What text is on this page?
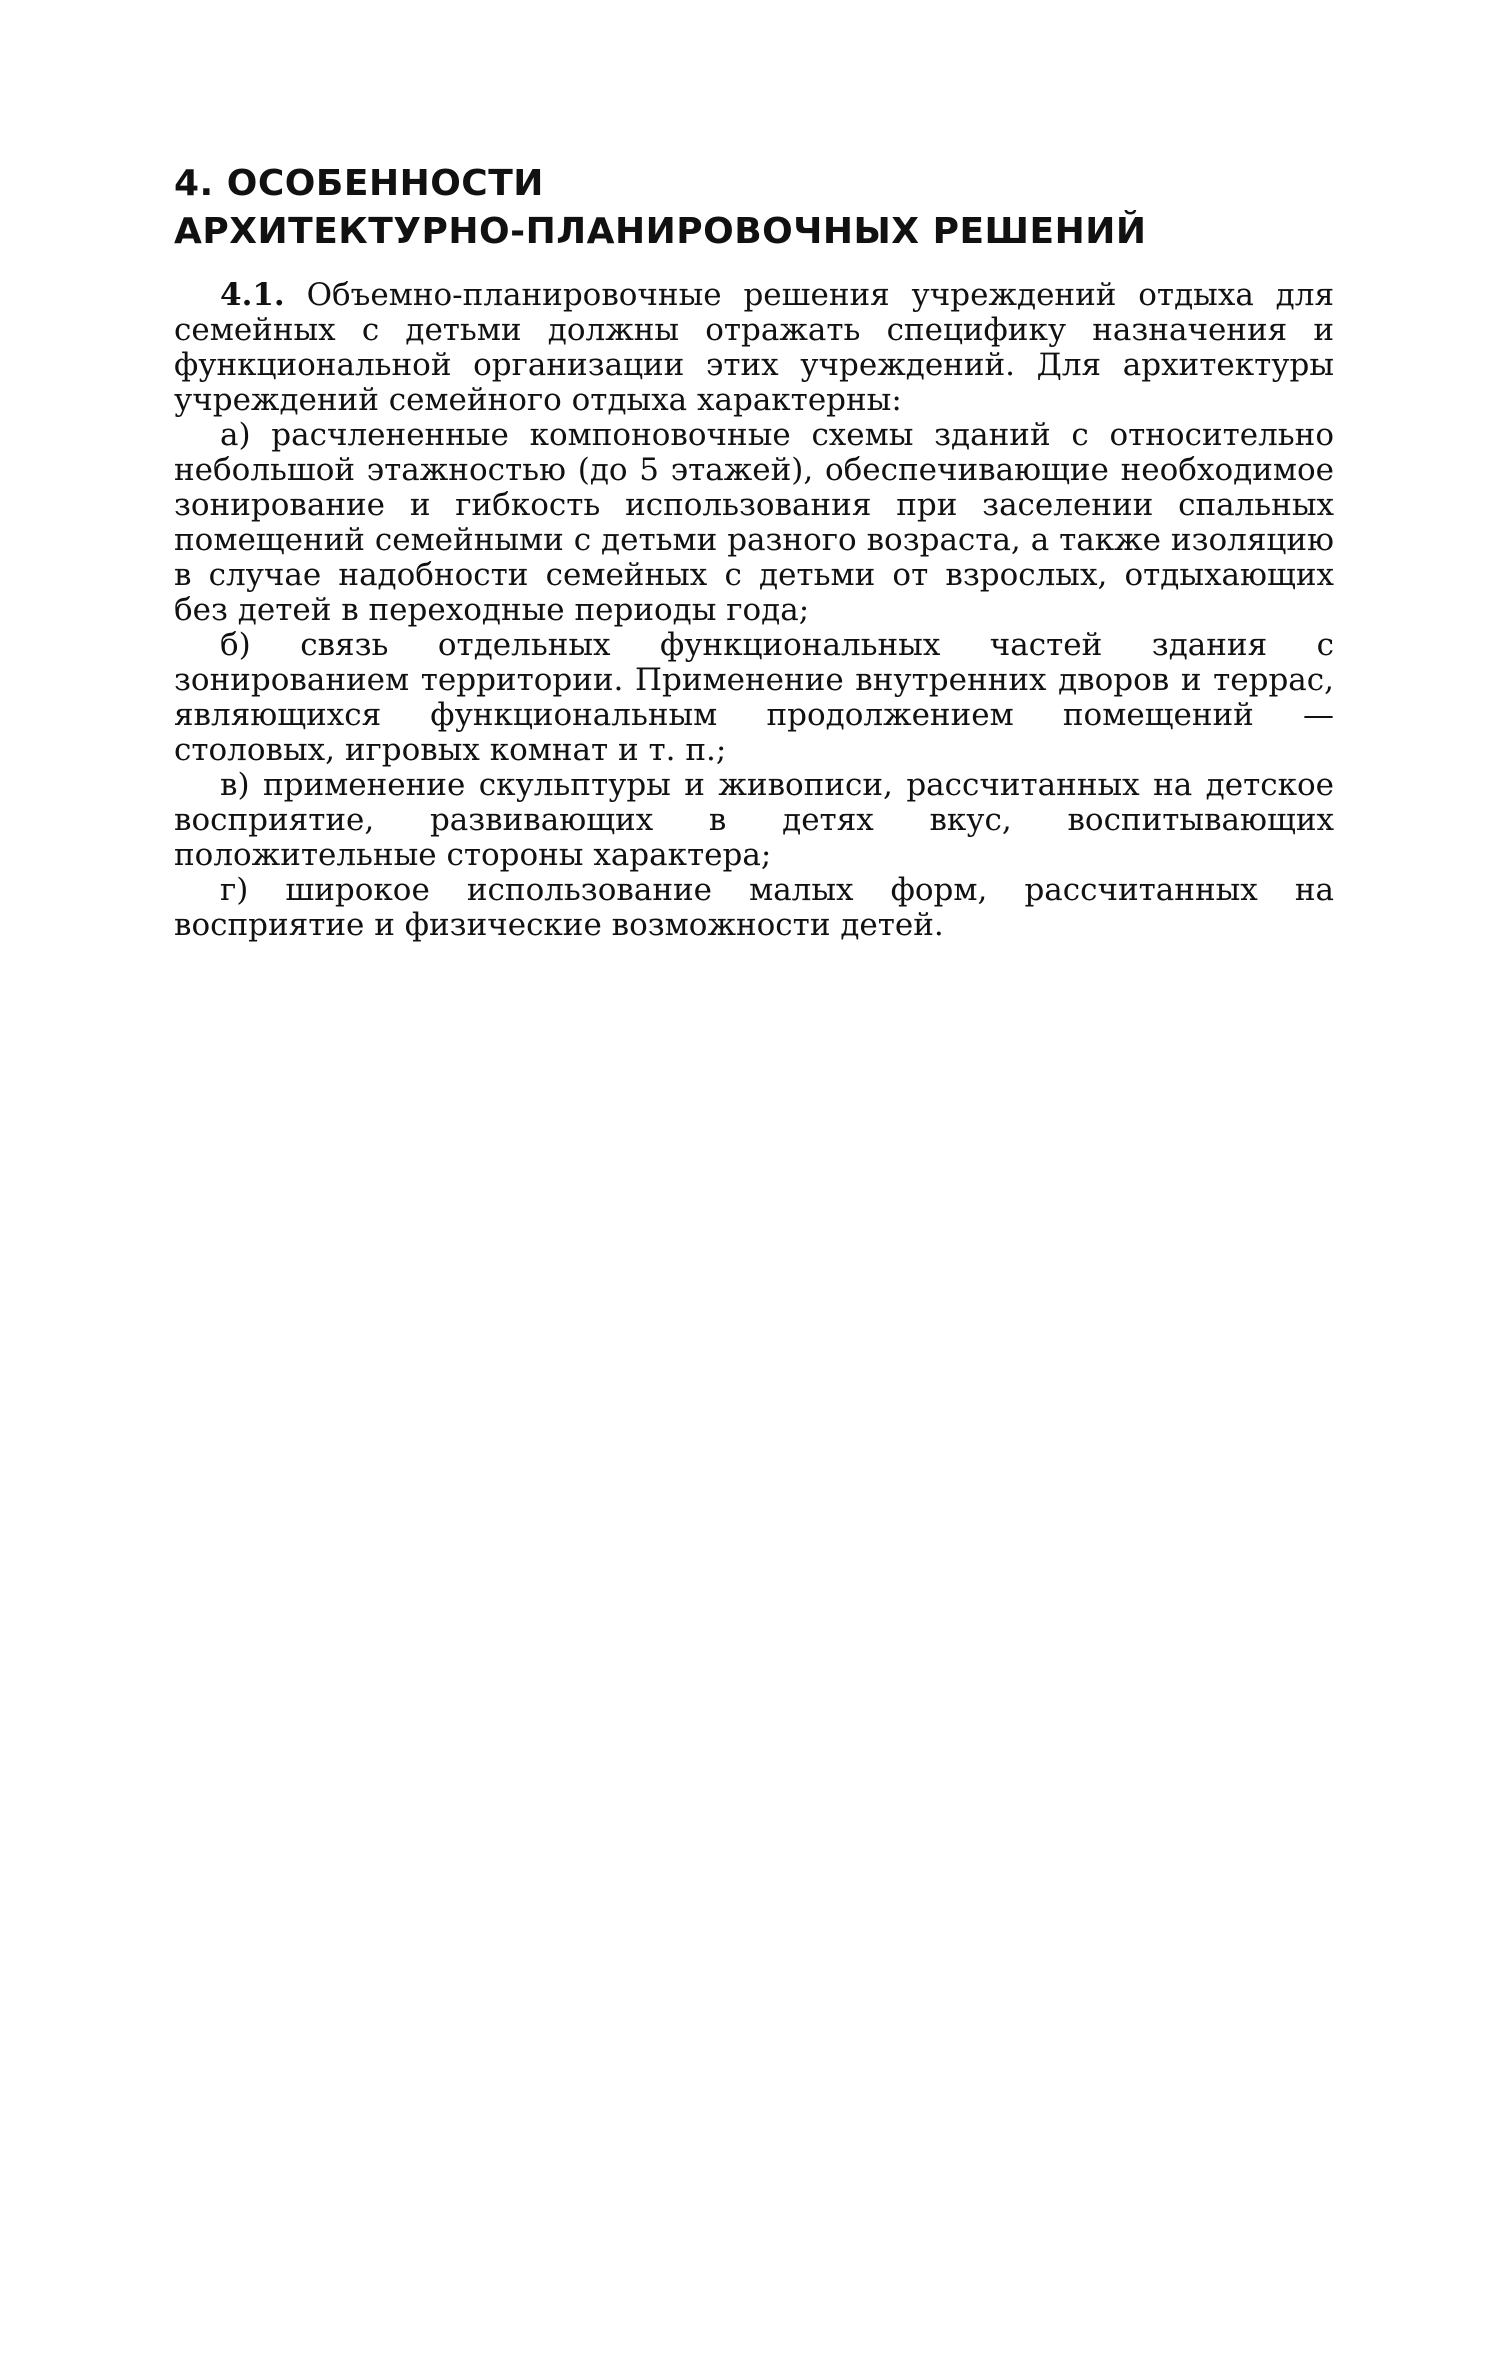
4. ОСОБЕННОСТИ
АРХИТЕКТУРНО-ПЛАНИРОВОЧНЫХ РЕШЕНИЙ

4.1. Объемно-планировочные решения учреждений отдыха для семейных с детьми должны отражать специфику назначения и функциональной организации этих учреждений. Для архитектуры учреждений семейного отдыха характерны:

а) расчлененные компоновочные схемы зданий с относительно небольшой этажностью (до 5 этажей), обеспечивающие необходимое зонирование и гибкость использования при заселении спальных помещений семейными с детьми разного возраста, а также изоляцию в случае надобности семейных с детьми от взрослых, отдыхающих без детей в переходные периоды года;

б) связь отдельных функциональных частей здания с зонированием территории. Применение внутренних дворов и террас, являющихся функциональным продолжением помещений — столовых, игровых комнат и т. п.;

в) применение скульптуры и живописи, рассчитанных на детское восприятие, развивающих в детях вкус, воспитывающих положительные стороны характера;

г) широкое использование малых форм, рассчитанных на восприятие и физические возможности детей.
